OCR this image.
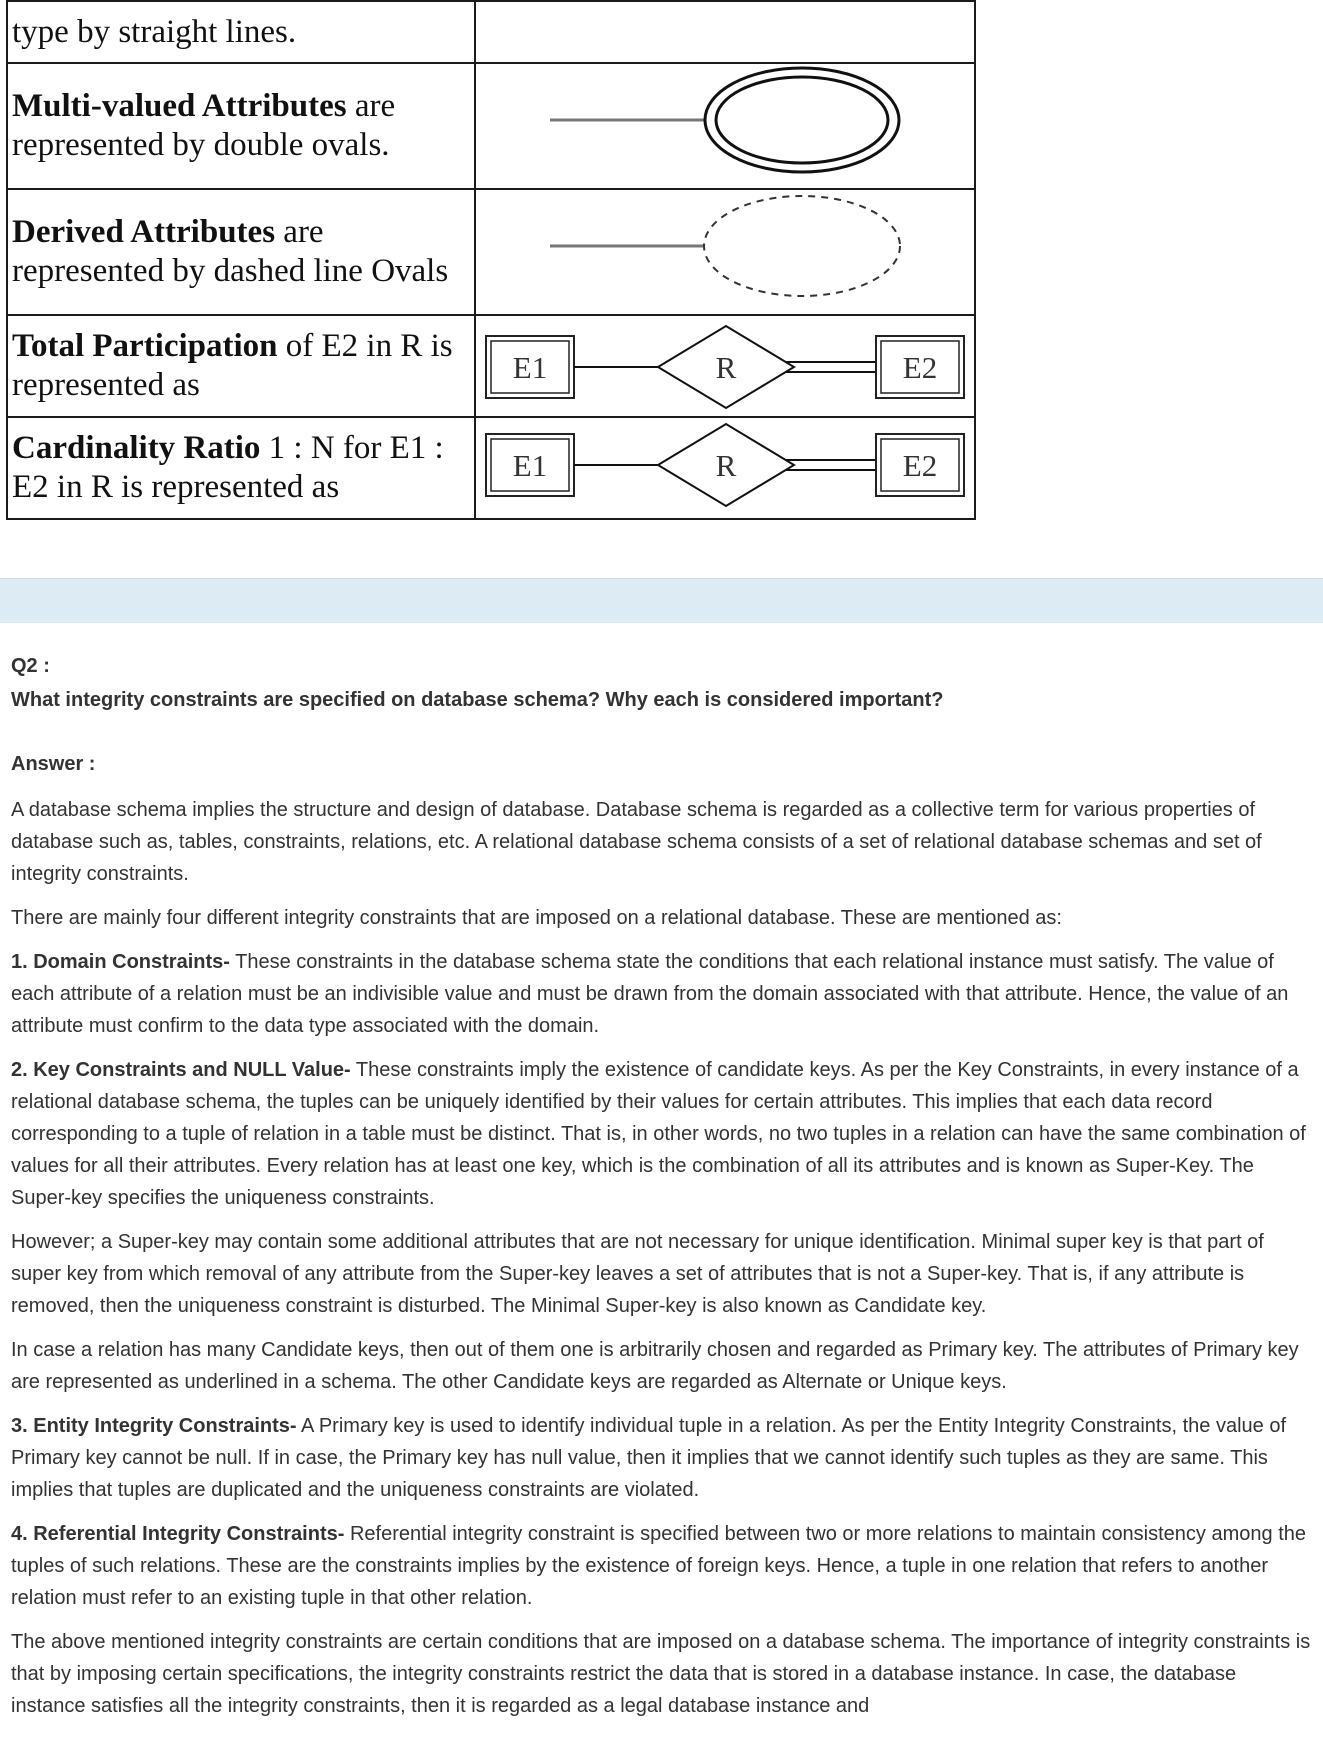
type by straight lines.	
Multi-valued Attributes are represented by double ovals.	

Derived Attributes are represented by dashed line Ovals	

Total Participation of E2 in R is represented as	E1 R E2

Cardinality Ratio 1 : N for E1 : E2 in R is represented as	E1 R E2
Q2 :
What integrity constraints are specified on database schema? Why each is considered important?
Answer :

A database schema implies the structure and design of database. Database schema is regarded as a collective term for various properties of database such as, tables, constraints, relations, etc. A relational database schema consists of a set of relational database schemas and set of integrity constraints.

There are mainly four different integrity constraints that are imposed on a relational database. These are mentioned as:

1. Domain Constraints- These constraints in the database schema state the conditions that each relational instance must satisfy. The value of each attribute of a relation must be an indivisible value and must be drawn from the domain associated with that attribute. Hence, the value of an attribute must confirm to the data type associated with the domain.

2. Key Constraints and NULL Value- These constraints imply the existence of candidate keys. As per the Key Constraints, in every instance of a relational database schema, the tuples can be uniquely identified by their values for certain attributes. This implies that each data record corresponding to a tuple of relation in a table must be distinct. That is, in other words, no two tuples in a relation can have the same combination of values for all their attributes. Every relation has at least one key, which is the combination of all its attributes and is known as Super-Key. The Super-key specifies the uniqueness constraints.

However; a Super-key may contain some additional attributes that are not necessary for unique identification. Minimal super key is that part of super key from which removal of any attribute from the Super-key leaves a set of attributes that is not a Super-key. That is, if any attribute is removed, then the uniqueness constraint is disturbed. The Minimal Super-key is also known as Candidate key.

In case a relation has many Candidate keys, then out of them one is arbitrarily chosen and regarded as Primary key. The attributes of Primary key are represented as underlined in a schema. The other Candidate keys are regarded as Alternate or Unique keys.

3. Entity Integrity Constraints- A Primary key is used to identify individual tuple in a relation. As per the Entity Integrity Constraints, the value of Primary key cannot be null. If in case, the Primary key has null value, then it implies that we cannot identify such tuples as they are same. This implies that tuples are duplicated and the uniqueness constraints are violated.

4. Referential Integrity Constraints- Referential integrity constraint is specified between two or more relations to maintain consistency among the tuples of such relations. These are the constraints implies by the existence of foreign keys. Hence, a tuple in one relation that refers to another relation must refer to an existing tuple in that other relation.

The above mentioned integrity constraints are certain conditions that are imposed on a database schema. The importance of integrity constraints is that by imposing certain specifications, the integrity constraints restrict the data that is stored in a database instance. In case, the database instance satisfies all the integrity constraints, then it is regarded as a legal database instance and
